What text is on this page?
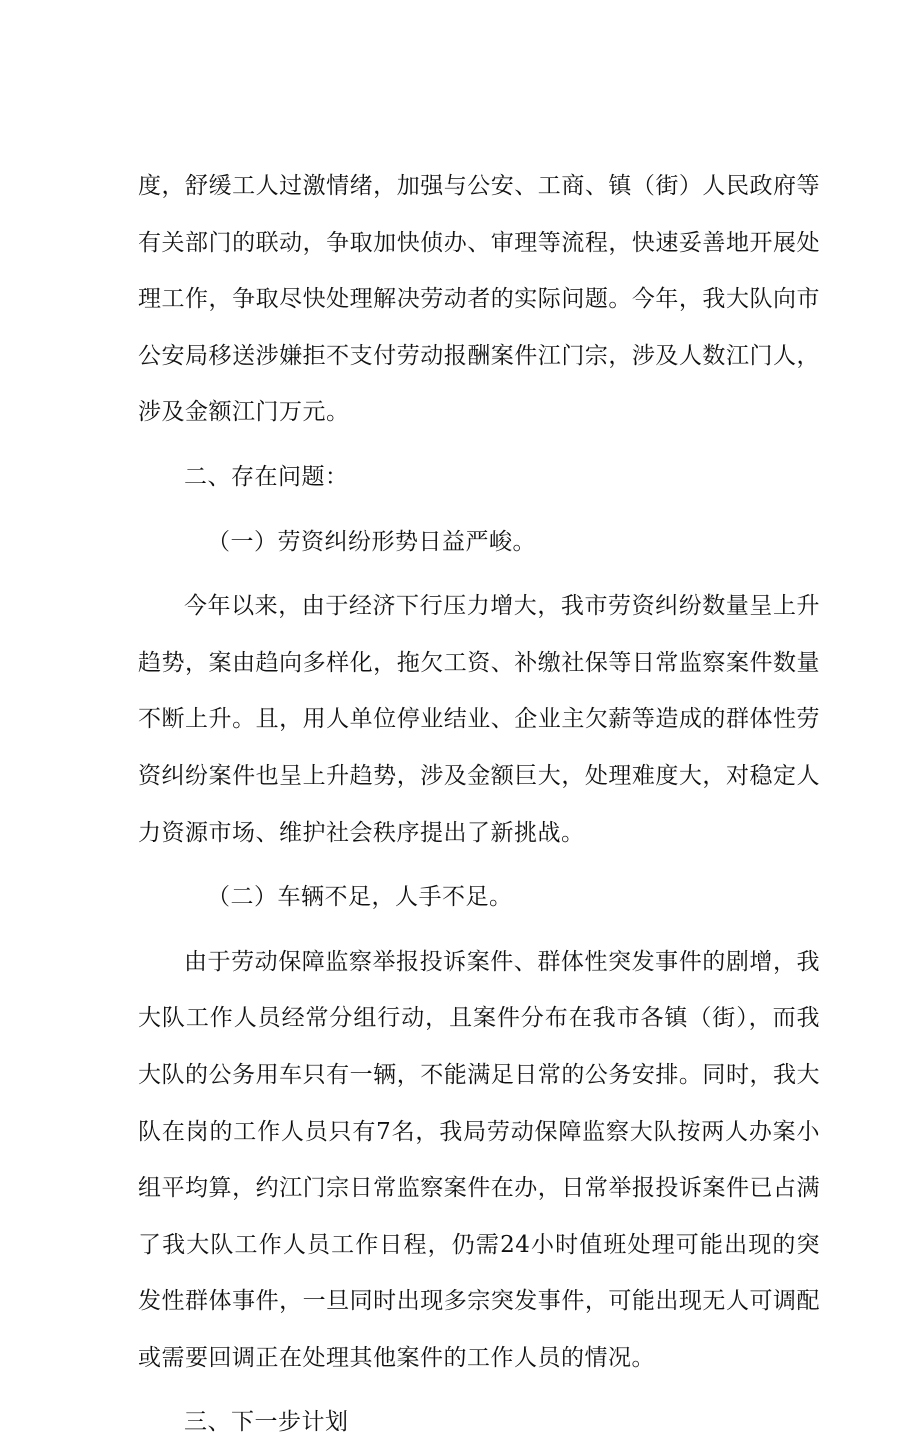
度，舒缓工人过激情绪，加强与公安、工商、镇（街）人民政府等有关部门的联动，争取加快侦办、审理等流程，快速妥善地开展处理工作，争取尽快处理解决劳动者的实际问题。今年，我大队向市公安局移送涉嫌拒不支付劳动报酬案件江门宗，涉及人数江门人，涉及金额江门万元。

二、存在问题：

（一）劳资纠纷形势日益严峻。

今年以来，由于经济下行压力增大，我市劳资纠纷数量呈上升趋势，案由趋向多样化，拖欠工资、补缴社保等日常监察案件数量不断上升。且，用人单位停业结业、企业主欠薪等造成的群体性劳资纠纷案件也呈上升趋势，涉及金额巨大，处理难度大，对稳定人力资源市场、维护社会秩序提出了新挑战。

（二）车辆不足，人手不足。

由于劳动保障监察举报投诉案件、群体性突发事件的剧增，我大队工作人员经常分组行动，且案件分布在我市各镇（街），而我大队的公务用车只有一辆，不能满足日常的公务安排。同时，我大队在岗的工作人员只有7名，我局劳动保障监察大队按两人办案小组平均算，约江门宗日常监察案件在办，日常举报投诉案件已占满了我大队工作人员工作日程，仍需24小时值班处理可能出现的突发性群体事件，一旦同时出现多宗突发事件，可能出现无人可调配或需要回调正在处理其他案件的工作人员的情况。

三、下一步计划
